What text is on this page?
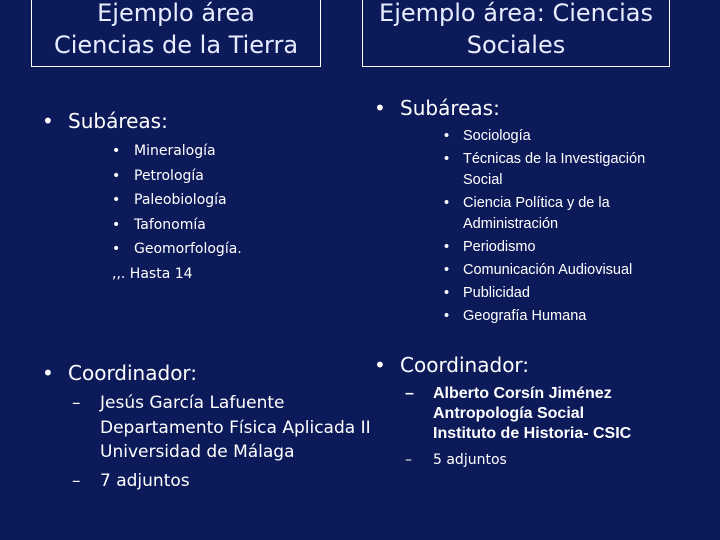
Ejemplo área
Ciencias de la Tierra
Ejemplo área: Ciencias
Sociales
• Subáreas:
• Mineralogía
• Petrología
• Paleobiología
• Tafonomía
• Geomorfología.
,,. Hasta 14
• Subáreas:
• Sociología
• Técnicas de la Investigación Social
• Ciencia Política y de la Administración
• Periodismo
• Comunicación Audiovisual
• Publicidad
• Geografía Humana
• Coordinador:
– Jesús García Lafuente
Departamento Física Aplicada II
Universidad de Málaga
– 7 adjuntos
• Coordinador:
– Alberto Corsín Jiménez
Antropología Social
Instituto de Historia- CSIC
– 5 adjuntos
